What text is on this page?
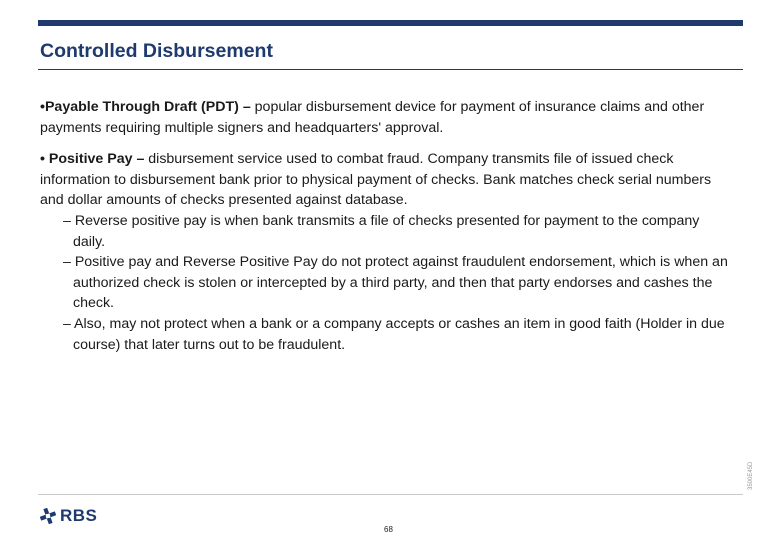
Controlled Disbursement

•Payable Through Draft (PDT) – popular disbursement device for payment of insurance claims and other payments requiring multiple signers and headquarters' approval.

• Positive Pay – disbursement service used to combat fraud. Company transmits file of issued check information to disbursement bank prior to physical payment of checks. Bank matches check serial numbers and dollar amounts of checks presented against database.

– Reverse positive pay is when bank transmits a file of checks presented for payment to the company daily.

– Positive pay and Reverse Positive Pay do not protect against fraudulent endorsement, which is when an authorized check is stolen or intercepted by a third party, and then that party endorses and cashes the check.

– Also, may not protect when a bank or a company accepts or cashes an item in good faith (Holder in due course) that later turns out to be fraudulent.

3500E45D
RBS
68
